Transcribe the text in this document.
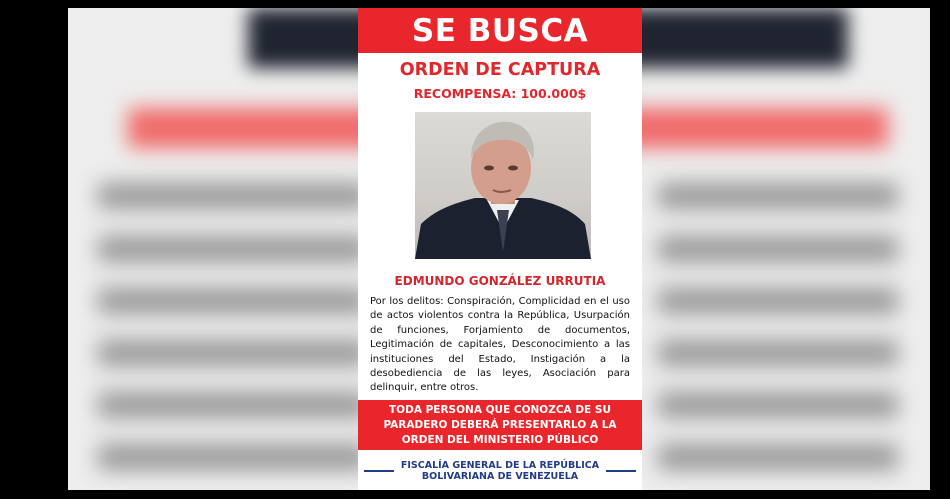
SE BUSCA
ORDEN DE CAPTURA
RECOMPENSA: 100.000$
EDMUNDO GONZÁLEZ URRUTIA
Por los delitos: Conspiración, Complicidad en el uso de actos violentos contra la República, Usurpación de funciones, Forjamiento de documentos, Legitimación de capitales, Desconocimiento a las instituciones del Estado, Instigación a la desobediencia de las leyes, Asociación para delinquir, entre otros.
TODA PERSONA QUE CONOZCA DE SU PARADERO DEBERÁ PRESENTARLO A LA ORDEN DEL MINISTERIO PÚBLICO
FISCALÍA GENERAL DE LA REPÚBLICA BOLIVARIANA DE VENEZUELA
